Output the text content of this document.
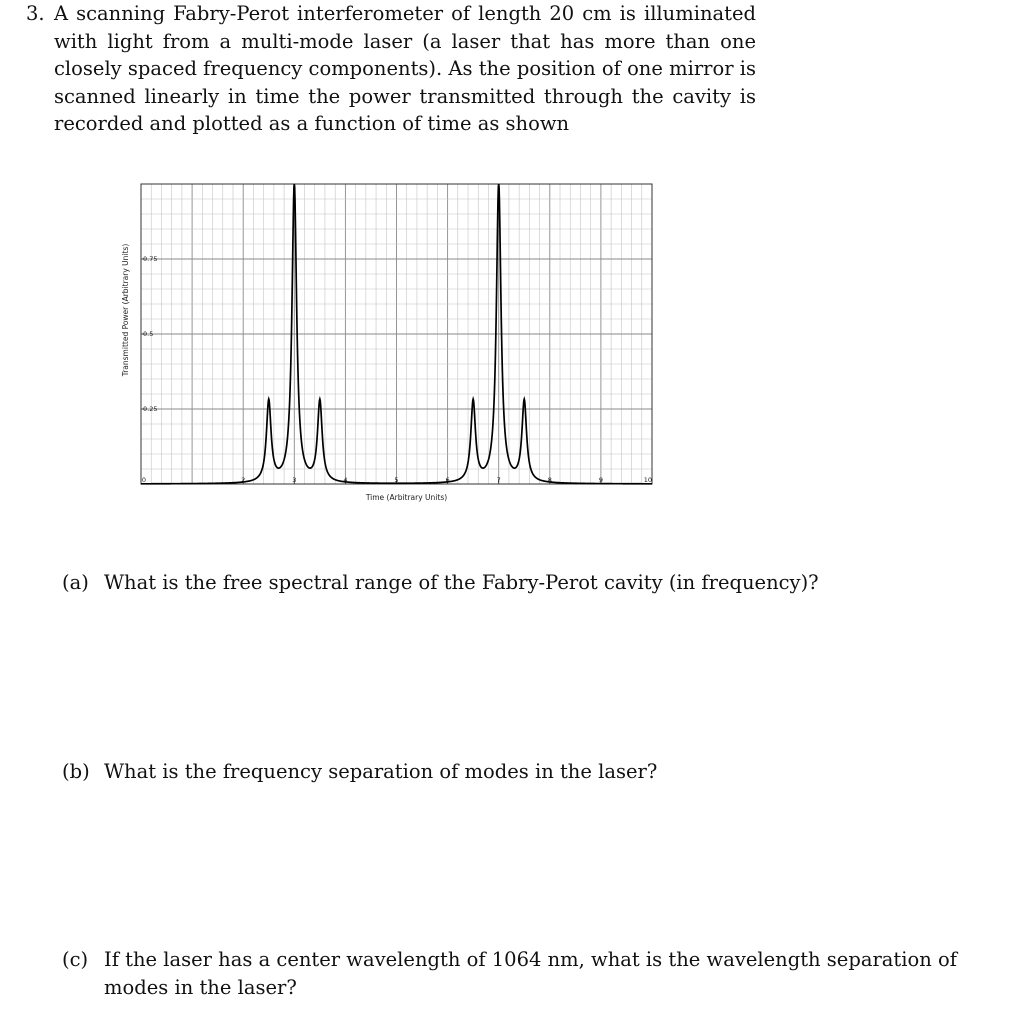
3. A scanning Fabry-Perot interferometer of length 20 cm is illuminated with light from a multi-mode laser (a laser that has more than one closely spaced frequency components). As the position of one mirror is scanned linearly in time the power transmitted through the cavity is recorded and plotted as a function of time as shown
0.25
0.5
0.75
0	2	3	4	5	6	7	8	9	10
Time (Arbitrary Units)
Transmitted Power (Arbitrary Units)
(a) What is the free spectral range of the Fabry-Perot cavity (in frequency)?
(b) What is the frequency separation of modes in the laser?
(c) If the laser has a center wavelength of 1064 nm, what is the wavelength separation of modes in the laser?
